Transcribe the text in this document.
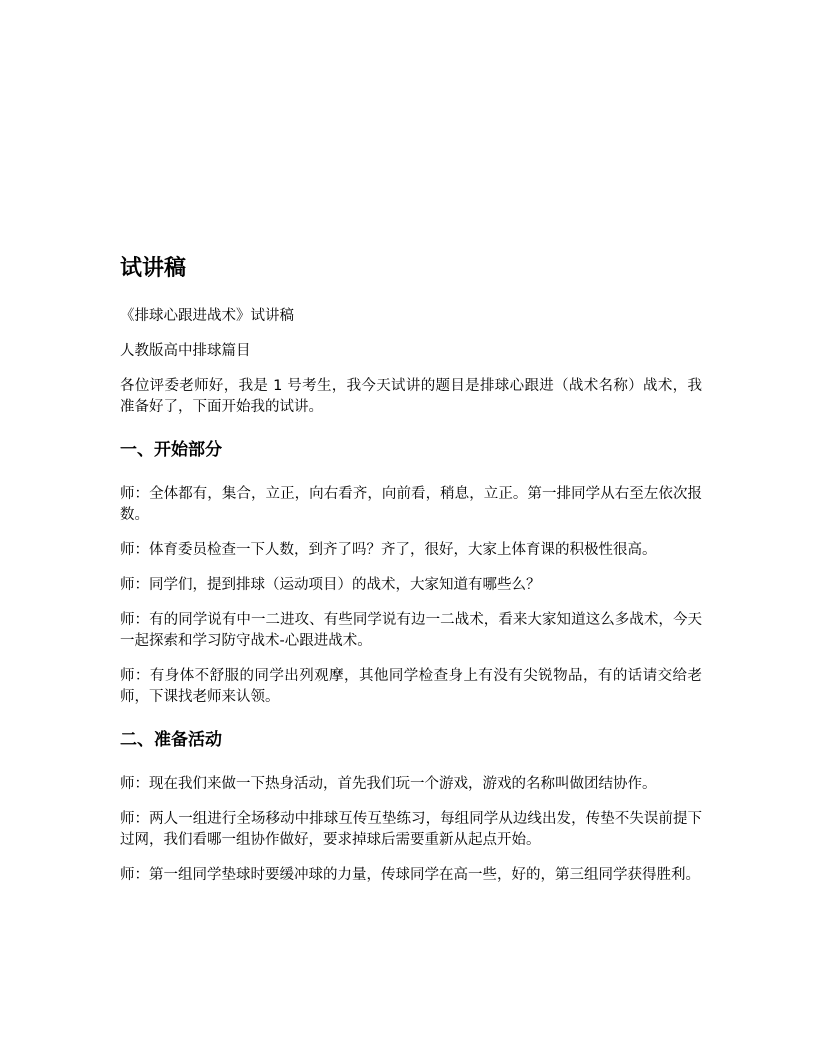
试讲稿

《排球心跟进战术》试讲稿

人教版高中排球篇目

各位评委老师好，我是 1 号考生，我今天试讲的题目是排球心跟进（战术名称）战术，我准备好了，下面开始我的试讲。

一、开始部分

师：全体都有，集合，立正，向右看齐，向前看，稍息，立正。第一排同学从右至左依次报数。

师：体育委员检查一下人数，到齐了吗？齐了，很好，大家上体育课的积极性很高。

师：同学们，提到排球（运动项目）的战术，大家知道有哪些么？

师：有的同学说有中一二进攻、有些同学说有边一二战术，看来大家知道这么多战术，今天一起探索和学习防守战术-心跟进战术。

师：有身体不舒服的同学出列观摩，其他同学检查身上有没有尖锐物品，有的话请交给老师，下课找老师来认领。

二、准备活动

师：现在我们来做一下热身活动，首先我们玩一个游戏，游戏的名称叫做团结协作。

师：两人一组进行全场移动中排球互传互垫练习，每组同学从边线出发，传垫不失误前提下过网，我们看哪一组协作做好，要求掉球后需要重新从起点开始。

师：第一组同学垫球时要缓冲球的力量，传球同学在高一些，好的，第三组同学获得胜利。
